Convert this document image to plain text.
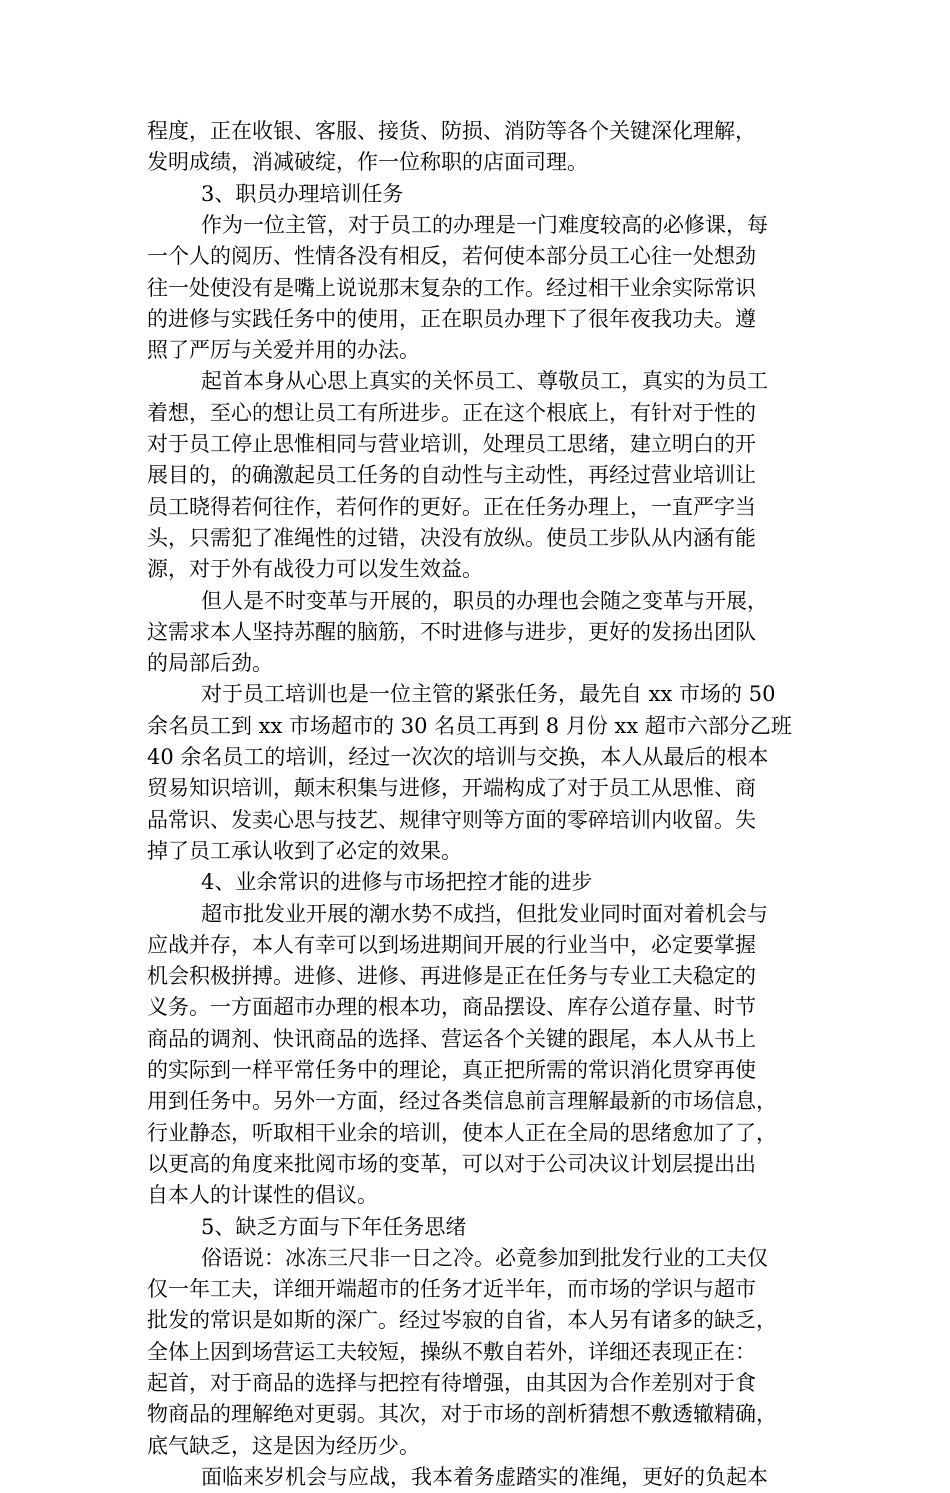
程度，正在收银、客服、接货、防损、消防等各个关键深化理解，
发明成绩，消减破绽，作一位称职的店面司理。
3、职员办理培训任务
作为一位主管，对于员工的办理是一门难度较高的必修课，每
一个人的阅历、性情各没有相反，若何使本部分员工心往一处想劲
往一处使没有是嘴上说说那末复杂的工作。经过相干业余实际常识
的进修与实践任务中的使用，正在职员办理下了很年夜我功夫。遵
照了严厉与关爱并用的办法。
起首本身从心思上真实的关怀员工、尊敬员工，真实的为员工
着想，至心的想让员工有所进步。正在这个根底上，有针对于性的
对于员工停止思惟相同与营业培训，处理员工思绪，建立明白的开
展目的，的确激起员工任务的自动性与主动性，再经过营业培训让
员工晓得若何往作，若何作的更好。正在任务办理上，一直严字当
头，只需犯了准绳性的过错，决没有放纵。使员工步队从内涵有能
源，对于外有战役力可以发生效益。
但人是不时变革与开展的，职员的办理也会随之变革与开展，
这需求本人坚持苏醒的脑筋，不时进修与进步，更好的发扬出团队
的局部后劲。
对于员工培训也是一位主管的紧张任务，最先自 xx 市场的 50
余名员工到 xx 市场超市的 30 名员工再到 8 月份 xx 超市六部分乙班
40 余名员工的培训，经过一次次的培训与交换，本人从最后的根本
贸易知识培训，颠末积集与进修，开端构成了对于员工从思惟、商
品常识、发卖心思与技艺、规律守则等方面的零碎培训内收留。失
掉了员工承认收到了必定的效果。
4、业余常识的进修与市场把控才能的进步
超市批发业开展的潮水势不成挡，但批发业同时面对着机会与
应战并存，本人有幸可以到场进期间开展的行业当中，必定要掌握
机会积极拼搏。进修、进修、再进修是正在任务与专业工夫稳定的
义务。一方面超市办理的根本功，商品摆设、库存公道存量、时节
商品的调剂、快讯商品的选择、营运各个关键的跟尾，本人从书上
的实际到一样平常任务中的理论，真正把所需的常识消化贯穿再使
用到任务中。另外一方面，经过各类信息前言理解最新的市场信息，
行业静态，听取相干业余的培训，使本人正在全局的思绪愈加了了，
以更高的角度来批阅市场的变革，可以对于公司决议计划层提出出
自本人的计谋性的倡议。
5、缺乏方面与下年任务思绪
俗语说：冰冻三尺非一日之冷。必竟参加到批发行业的工夫仅
仅一年工夫，详细开端超市的任务才近半年，而市场的学识与超市
批发的常识是如斯的深广。经过岑寂的自省，本人另有诸多的缺乏，
全体上因到场营运工夫较短，操纵不敷自若外，详细还表现正在：
起首，对于商品的选择与把控有待增强，由其因为合作差别对于食
物商品的理解绝对更弱。其次，对于市场的剖析猜想不敷透辙精确，
底气缺乏，这是因为经历少。
面临来岁机会与应战，我本着务虚踏实的准绳，更好的负起本
